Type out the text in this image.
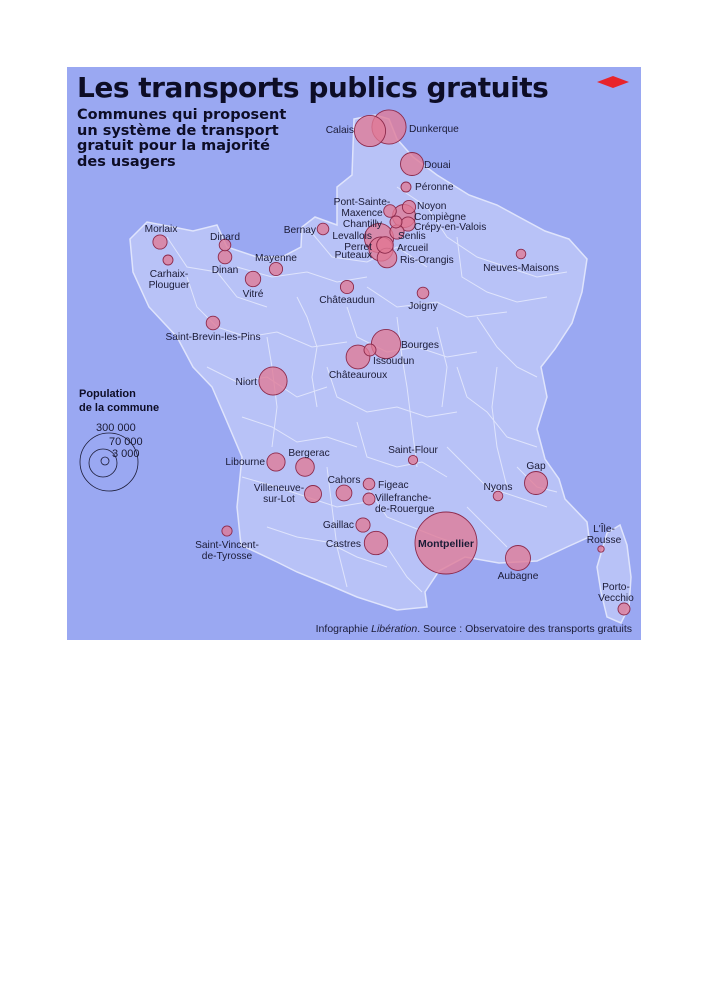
Calais	Dunkerque
Douai
Péronne
Pont-Sainte-Maxence
Noyon
Compiègne
Crépy-en-Valois
Chantilly
Senlis
Levallois Perret
Puteaux
Arcueil
Ris-Orangis
Bernay
Morlaix
Carhaix-Plouguer
Dinard
Dinan
Mayenne
Vitré
Neuves-Maisons
Châteaudun
Joigny
Saint-Brevin-les-Pins
Bourges
Issoudun
Châteauroux
Niort
Saint-Flour
Libourne
Bergerac
Villeneuve-sur-Lot
Cahors Figeac
Villefranche-de-Rouergue
Gap
Nyons
Gaillac
Castres	Montpellier
Aubagne
Saint-Vincent-de-Tyrosse
L'Île-Rousse
Porto-Vecchio
Les transports publics gratuits

Communes qui proposent
un système de transport
gratuit pour la majorité
des usagers

Population
de la commune

300 000
70 000
3 000

Infographie Libération. Source : Observatoire des transports gratuits
